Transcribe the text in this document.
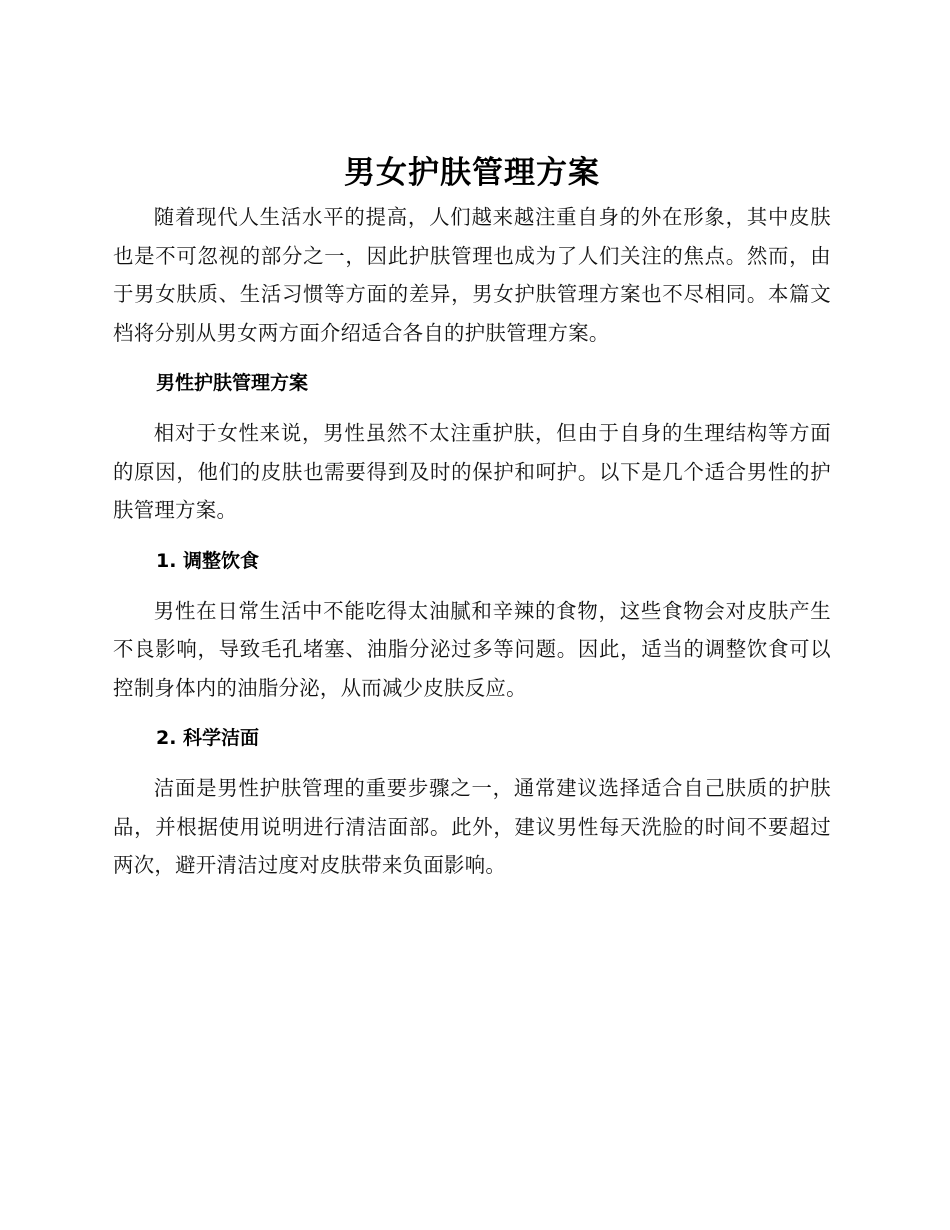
男女护肤管理方案

随着现代人生活水平的提高，人们越来越注重自身的外在形象，其中皮肤也是不可忽视的部分之一，因此护肤管理也成为了人们关注的焦点。然而，由于男女肤质、生活习惯等方面的差异，男女护肤管理方案也不尽相同。本篇文档将分别从男女两方面介绍适合各自的护肤管理方案。

男性护肤管理方案

相对于女性来说，男性虽然不太注重护肤，但由于自身的生理结构等方面的原因，他们的皮肤也需要得到及时的保护和呵护。以下是几个适合男性的护肤管理方案。

1. 调整饮食

男性在日常生活中不能吃得太油腻和辛辣的食物，这些食物会对皮肤产生不良影响，导致毛孔堵塞、油脂分泌过多等问题。因此，适当的调整饮食可以控制身体内的油脂分泌，从而减少皮肤反应。

2. 科学洁面

洁面是男性护肤管理的重要步骤之一，通常建议选择适合自己肤质的护肤品，并根据使用说明进行清洁面部。此外，建议男性每天洗脸的时间不要超过两次，避开清洁过度对皮肤带来负面影响。
